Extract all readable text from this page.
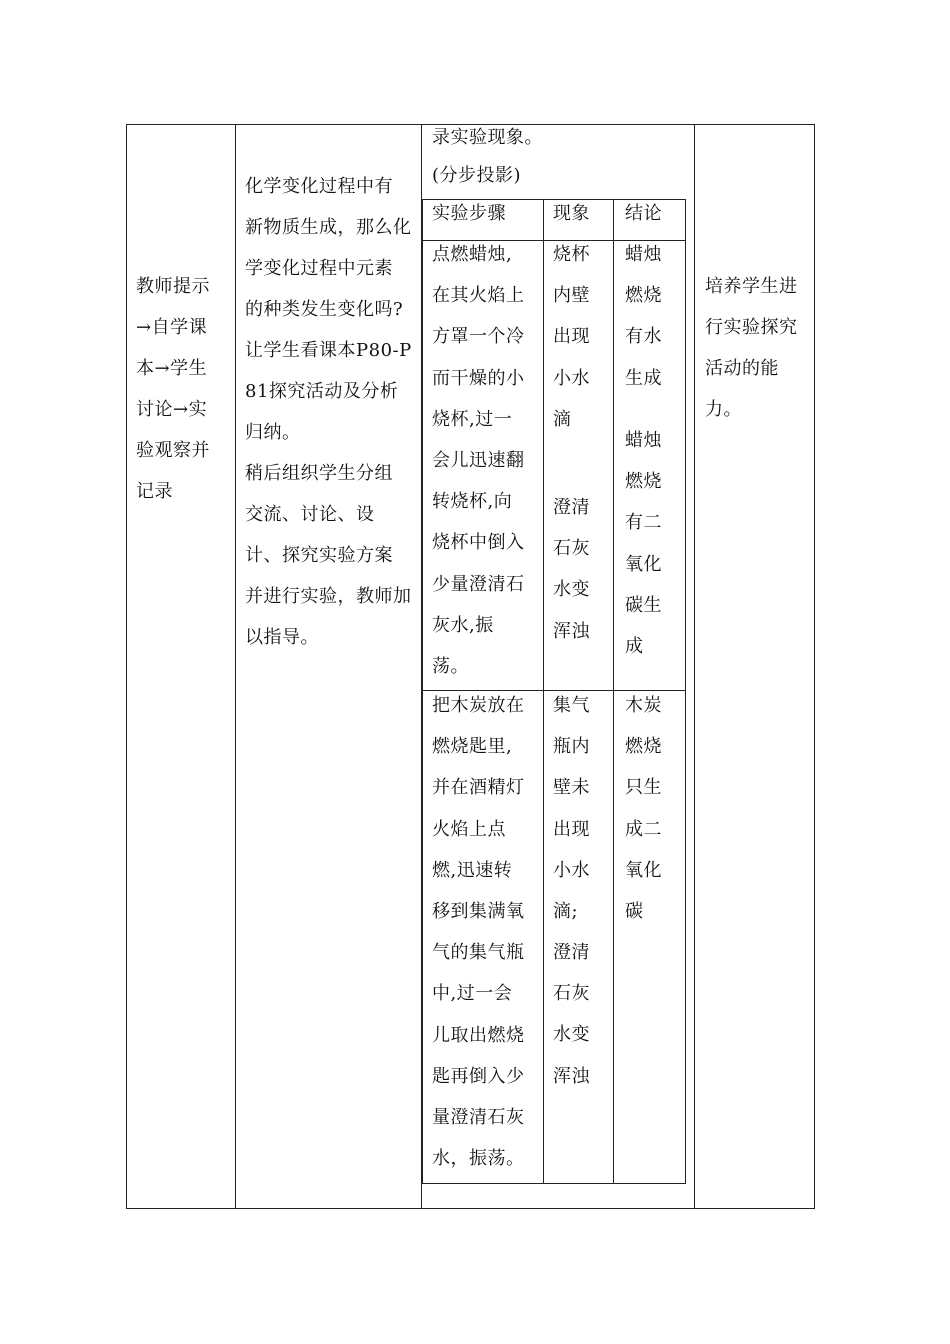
教师提示
→自学课
本→学生
讨论→实
验观察并
记录
化学变化过程中有
新物质生成，那么化
学变化过程中元素
的种类发生变化吗?
让学生看课本P80-P
81探究活动及分析
归纳。
稍后组织学生分组
交流、讨论、设
计、探究实验方案
并进行实验，教师加
以指导。
录实验现象。
(分步投影)
实验步骤	现象 结论
点燃蜡烛,
在其火焰上
方罩一个冷
而干燥的小
烧杯,过一
会儿迅速翻
转烧杯,向
烧杯中倒入
少量澄清石
灰水,振
荡。
烧杯
内壁
出现
小水
滴
澄清
石灰
水变
浑浊
蜡烛
燃烧
有水
生成
蜡烛
燃烧
有二
氧化
碳生
成
把木炭放在
燃烧匙里,
并在酒精灯
火焰上点
燃,迅速转
移到集满氧
气的集气瓶
中,过一会
儿取出燃烧
匙再倒入少
量澄清石灰
水，振荡。
集气
瓶内
壁未
出现
小水
滴;
澄清
石灰
水变
浑浊
木炭
燃烧
只生
成二
氧化
碳
培养学生进
行实验探究
活动的能
力。
